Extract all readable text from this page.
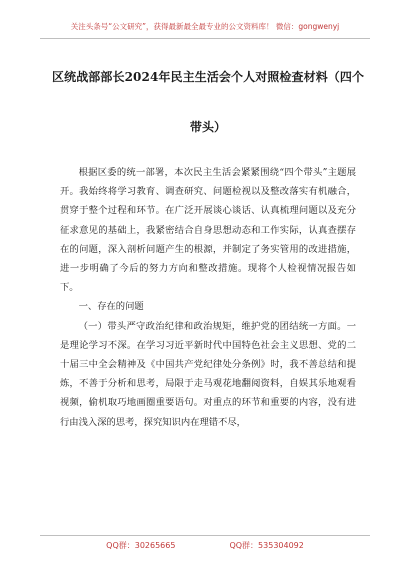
关注头条号“公文研究”，获得最新最全最专业的公文资料库！ 微信：gongwenyj
区统战部部长2024年民主生活会个人对照检查材料（四个
带头）

根据区委的统一部署，本次民主生活会紧紧围绕“四个带头”主题展开。我始终将学习教育、调查研究、问题检视以及整改落实有机融合，贯穿于整个过程和环节。在广泛开展谈心谈话、认真梳理问题以及充分征求意见的基础上，我紧密结合自身思想动态和工作实际，认真查摆存在的问题，深入剖析问题产生的根源，并制定了务实管用的改进措施，进一步明确了今后的努力方向和整改措施。现将个人检视情况报告如下。

一、存在的问题

（一）带头严守政治纪律和政治规矩，维护党的团结统一方面。一是理论学习不深。在学习习近平新时代中国特色社会主义思想、党的二十届三中全会精神及《中国共产党纪律处分条例》时，我不善总结和提炼，不善于分析和思考，局限于走马观花地翻阅资料，自娱其乐地观看视频，偷机取巧地画圈重要语句。对重点的环节和重要的内容，没有进行由浅入深的思考，探究知识内在理错不尽，

QQ群：30265665	QQ群：535304092
